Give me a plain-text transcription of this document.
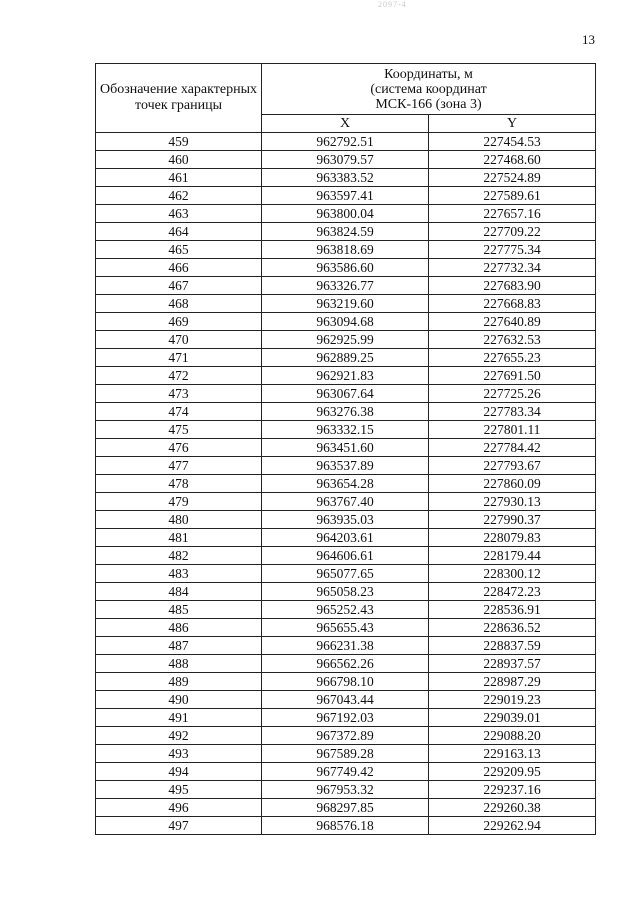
2097-4
13
Обозначение характерных точек границы	Координаты, м
(система координат
МСК-166 (зона 3)	

	X	Y
459	962792.51	227454.53
460	963079.57	227468.60
461	963383.52	227524.89
462	963597.41	227589.61
463	963800.04	227657.16
464	963824.59	227709.22
465	963818.69	227775.34
466	963586.60	227732.34
467	963326.77	227683.90
468	963219.60	227668.83
469	963094.68	227640.89
470	962925.99	227632.53
471	962889.25	227655.23
472	962921.83	227691.50
473	963067.64	227725.26
474	963276.38	227783.34
475	963332.15	227801.11
476	963451.60	227784.42
477	963537.89	227793.67
478	963654.28	227860.09
479	963767.40	227930.13
480	963935.03	227990.37
481	964203.61	228079.83
482	964606.61	228179.44
483	965077.65	228300.12
484	965058.23	228472.23
485	965252.43	228536.91
486	965655.43	228636.52
487	966231.38	228837.59
488	966562.26	228937.57
489	966798.10	228987.29
490	967043.44	229019.23
491	967192.03	229039.01
492	967372.89	229088.20
493	967589.28	229163.13
494	967749.42	229209.95
495	967953.32	229237.16
496	968297.85	229260.38
497	968576.18	229262.94
